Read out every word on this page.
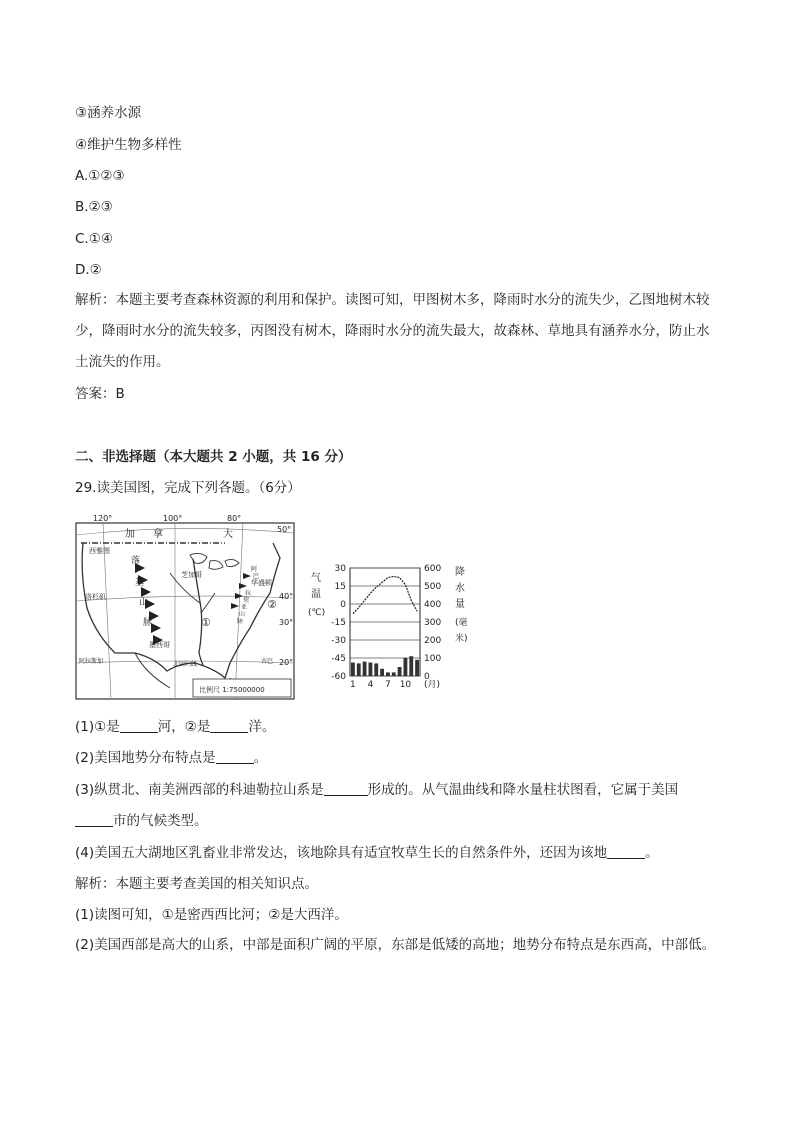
③涵养水源
④维护生物多样性
A.①②③
B.②③
C.①④
D.②
解析：本题主要考查森林资源的利用和保护。读图可知，甲图树木多，降雨时水分的流失少，乙图地树木较少，降雨时水分的流失较多，丙图没有树木，降雨时水分的流失最大，故森林、草地具有涵养水分，防止水土流失的作用。
答案：B
二、非选择题（本大题共 2 小题，共 16 分）
29.读美国图，完成下列各题。（6分）
120°	100°	80°
50°
40°
30°
20°
加 拿	大
西雅图
芝加哥
华盛顿
洛杉矶
墨西哥
北回归线	古巴
阿拉斯加
落
基
山
脉
阿
巴
拉
契
亚
山
脉
①
②
比例尺 1:75000000
气
温
(℃)
降
水
量
(毫
米)
30
15
0
-15
-30
-45
-60
600
500
400
300
200
100
0
1 4 7 10 (月)
(1)①是	河，②是	洋。
(2)美国地势分布特点是	。
(3)纵贯北、南美洲西部的科迪勒拉山系是	形成的。从气温曲线和降水量柱状图看，它属于美国
市的气候类型。
(4)美国五大湖地区乳畜业非常发达，该地除具有适宜牧草生长的自然条件外，还因为该地	。
解析：本题主要考查美国的相关知识点。
(1)读图可知，①是密西西比河；②是大西洋。
(2)美国西部是高大的山系，中部是面积广阔的平原，东部是低矮的高地；地势分布特点是东西高，中部低。
